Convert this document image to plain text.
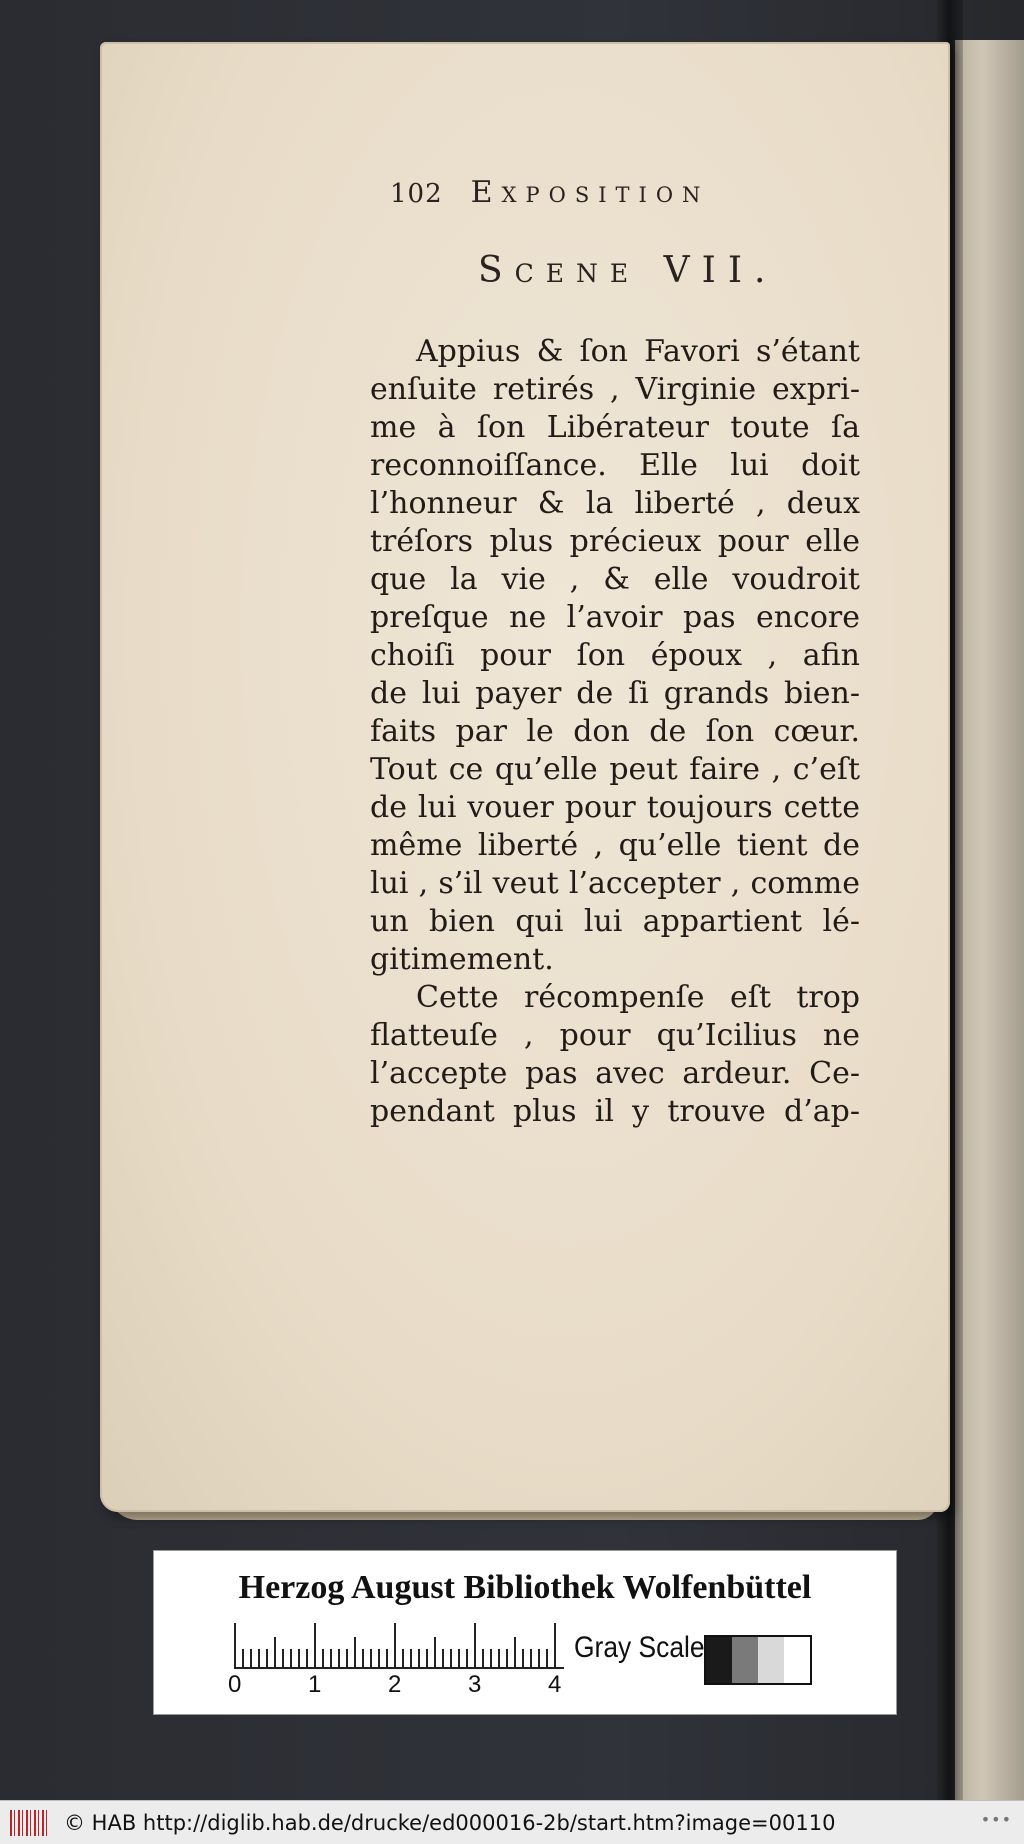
102 Exposition
Scene VII.
Appius & ſon Favori s’étant
enſuite retirés , Virginie expri-
me à ſon Libérateur toute ſa
reconnoiſſance. Elle lui doit
l’honneur & la liberté , deux
tréſors plus précieux pour elle
que la vie , & elle voudroit
preſque ne l’avoir pas encore
choiſi pour ſon époux , afin
de lui payer de ſi grands bien-
faits par le don de ſon cœur.
Tout ce qu’elle peut faire , c’eſt
de lui vouer pour toujours cette
même liberté , qu’elle tient de
lui , s’il veut l’accepter , comme
un bien qui lui appartient lé-
gitimement.
Cette récompenſe eſt trop
flatteuſe , pour qu’Icilius ne
l’accepte pas avec ardeur. Ce-
pendant plus il y trouve d’ap-
Herzog August Bibliothek Wolfenbüttel
0	1	2	3	4
Gray Scale
© HAB http://diglib.hab.de/drucke/ed000016-2b/start.htm?image=00110	•••
